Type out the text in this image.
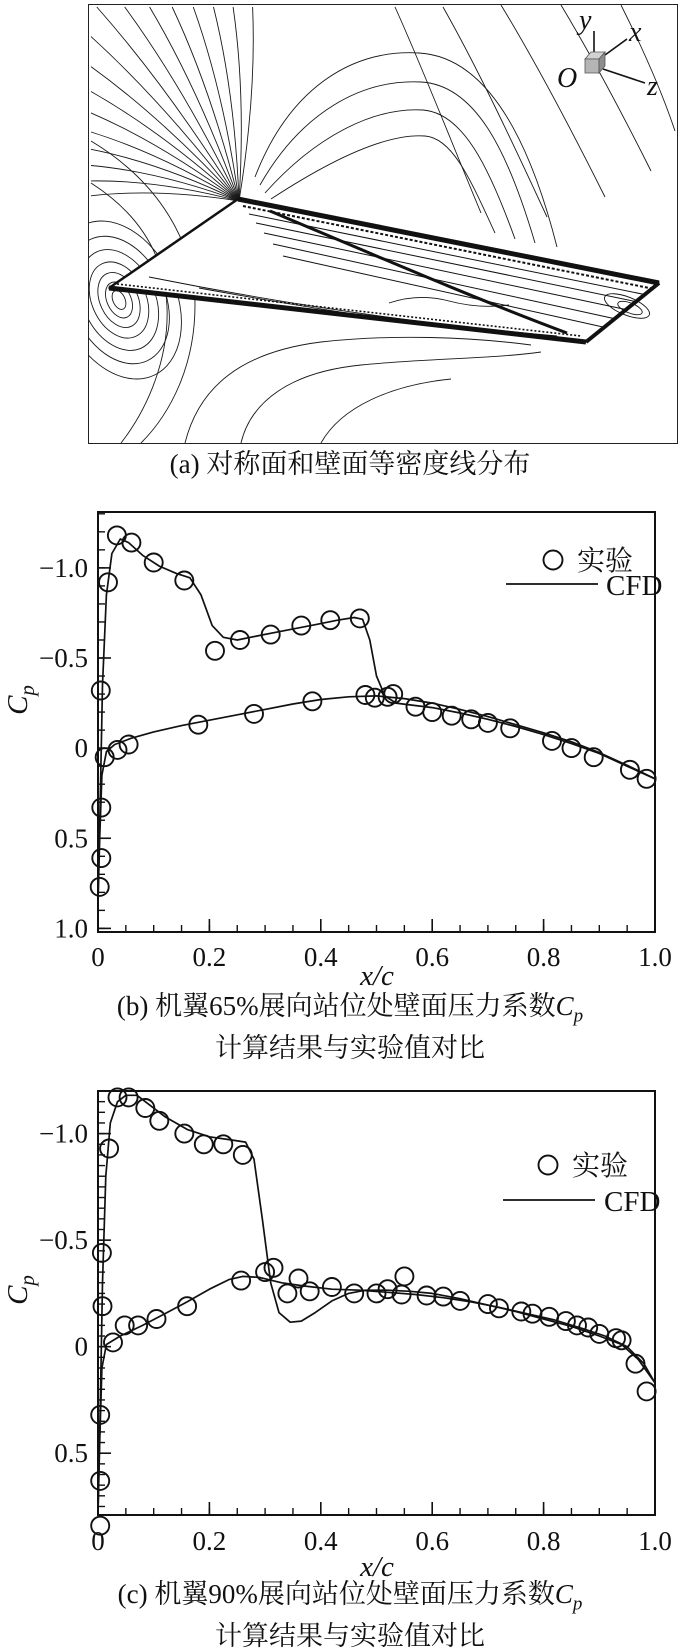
y x
z
O
(a) 对称面和壁面等密度线分布
0	0.2	0.4	0.6	0.8	1.0
−1.0
−0.5
0
0.5
1.0
x/c
$C_p$
实验
CFD
(b) 机翼65%展向站位处壁面压力系数$C_p$
计算结果与实验值对比
0	0.2	0.4	0.6	0.8	1.0
−1.0
−0.5
0
0.5
x/c
$C_p$
实验
CFD
(c) 机翼90%展向站位处壁面压力系数$C_p$
计算结果与实验值对比
